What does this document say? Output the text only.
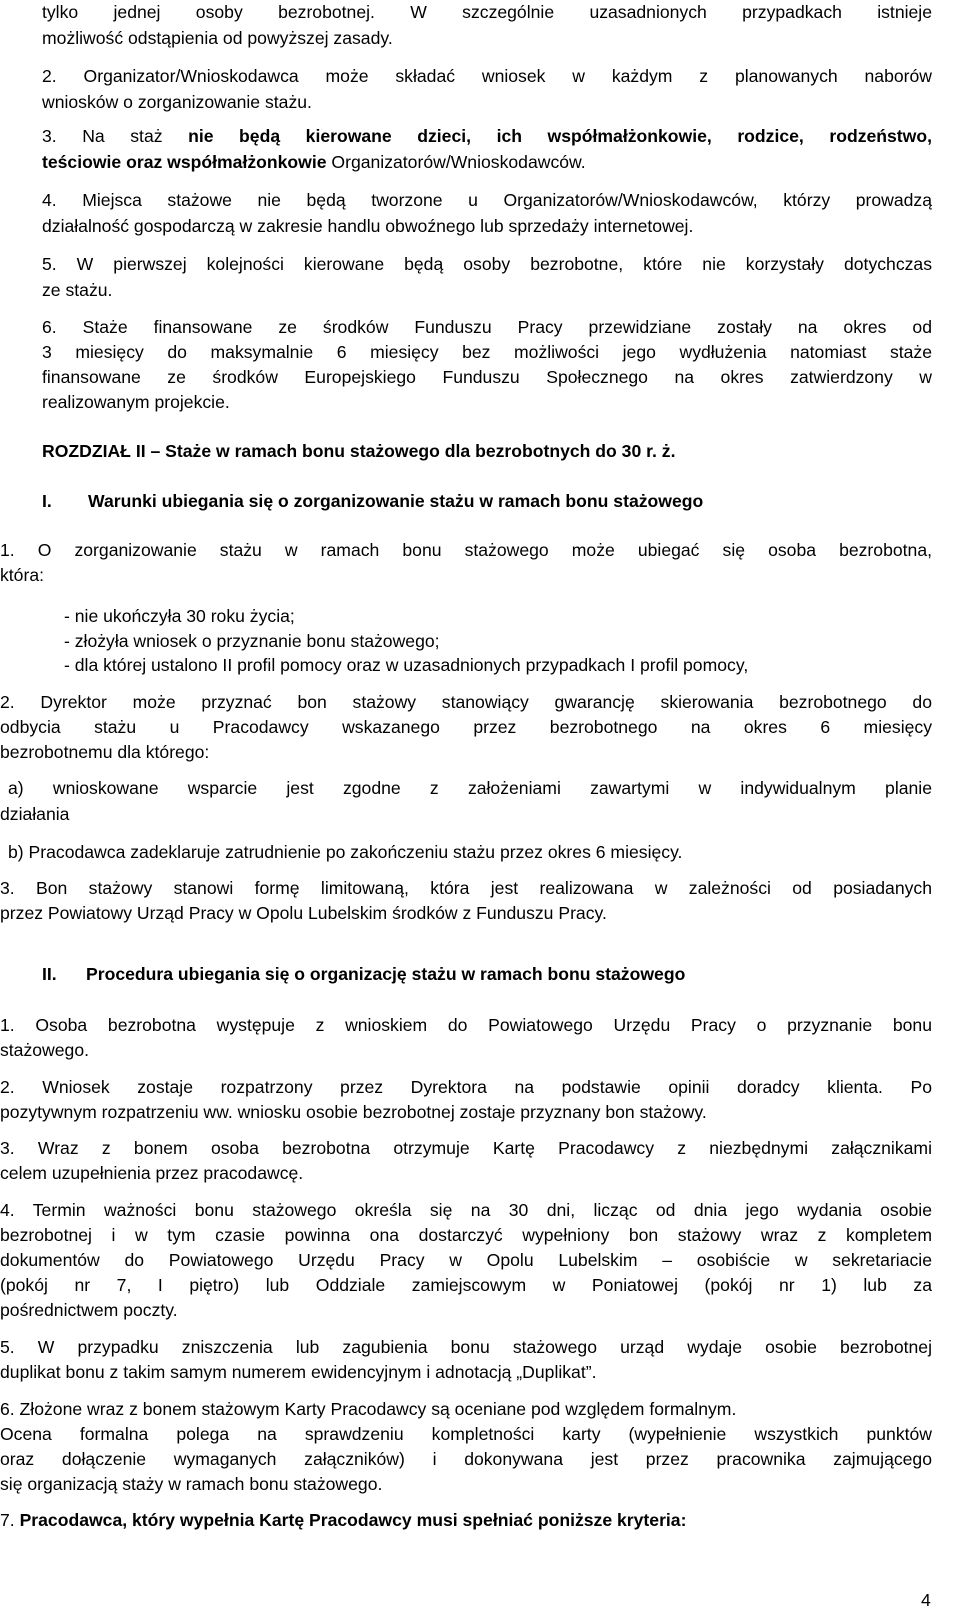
tylko jednej osoby bezrobotnej. W szczególnie uzasadnionych przypadkach istnieje
możliwość odstąpienia od powyższej zasady.
2. Organizator/Wnioskodawca może składać wniosek w każdym z planowanych naborów
wniosków o zorganizowanie stażu.
3. Na staż nie będą kierowane dzieci, ich współmałżonkowie, rodzice, rodzeństwo,
teściowie oraz współmałżonkowie Organizatorów/Wnioskodawców.
4. Miejsca stażowe nie będą tworzone u Organizatorów/Wnioskodawców, którzy prowadzą
działalność gospodarczą w zakresie handlu obwoźnego lub sprzedaży internetowej.
5. W pierwszej kolejności kierowane będą osoby bezrobotne, które nie korzystały dotychczas
ze stażu.
6. Staże finansowane ze środków Funduszu Pracy przewidziane zostały na okres od
3 miesięcy do maksymalnie 6 miesięcy bez możliwości jego wydłużenia natomiast staże
finansowane ze środków Europejskiego Funduszu Społecznego na okres zatwierdzony w
realizowanym projekcie.
ROZDZIAŁ II – Staże w ramach bonu stażowego dla bezrobotnych do 30 r. ż.
I. Warunki ubiegania się o zorganizowanie stażu w ramach bonu stażowego
1. O zorganizowanie stażu w ramach bonu stażowego może ubiegać się osoba bezrobotna,
która:
- nie ukończyła 30 roku życia;
- złożyła wniosek o przyznanie bonu stażowego;
- dla której ustalono II profil pomocy oraz w uzasadnionych przypadkach I profil pomocy,
2. Dyrektor może przyznać bon stażowy stanowiący gwarancję skierowania bezrobotnego do
odbycia stażu u Pracodawcy wskazanego przez bezrobotnego na okres 6 miesięcy
bezrobotnemu dla którego:
a) wnioskowane wsparcie jest zgodne z założeniami zawartymi w indywidualnym planie
działania
b) Pracodawca zadeklaruje zatrudnienie po zakończeniu stażu przez okres 6 miesięcy.
3. Bon stażowy stanowi formę limitowaną, która jest realizowana w zależności od posiadanych
przez Powiatowy Urząd Pracy w Opolu Lubelskim środków z Funduszu Pracy.
II. Procedura ubiegania się o organizację stażu w ramach bonu stażowego
1. Osoba bezrobotna występuje z wnioskiem do Powiatowego Urzędu Pracy o przyznanie bonu
stażowego.
2. Wniosek zostaje rozpatrzony przez Dyrektora na podstawie opinii doradcy klienta. Po
pozytywnym rozpatrzeniu ww. wniosku osobie bezrobotnej zostaje przyznany bon stażowy.
3. Wraz z bonem osoba bezrobotna otrzymuje Kartę Pracodawcy z niezbędnymi załącznikami
celem uzupełnienia przez pracodawcę.
4. Termin ważności bonu stażowego określa się na 30 dni, licząc od dnia jego wydania osobie
bezrobotnej i w tym czasie powinna ona dostarczyć wypełniony bon stażowy wraz z kompletem
dokumentów do Powiatowego Urzędu Pracy w Opolu Lubelskim – osobiście w sekretariacie
(pokój nr 7, I piętro) lub Oddziale zamiejscowym w Poniatowej (pokój nr 1) lub za
pośrednictwem poczty.
5. W przypadku zniszczenia lub zagubienia bonu stażowego urząd wydaje osobie bezrobotnej
duplikat bonu z takim samym numerem ewidencyjnym i adnotacją „Duplikat”.
6. Złożone wraz z bonem stażowym Karty Pracodawcy są oceniane pod względem formalnym.
Ocena formalna polega na sprawdzeniu kompletności karty (wypełnienie wszystkich punktów
oraz dołączenie wymaganych załączników) i dokonywana jest przez pracownika zajmującego
się organizacją staży w ramach bonu stażowego.
7. Pracodawca, który wypełnia Kartę Pracodawcy musi spełniać poniższe kryteria:
4
